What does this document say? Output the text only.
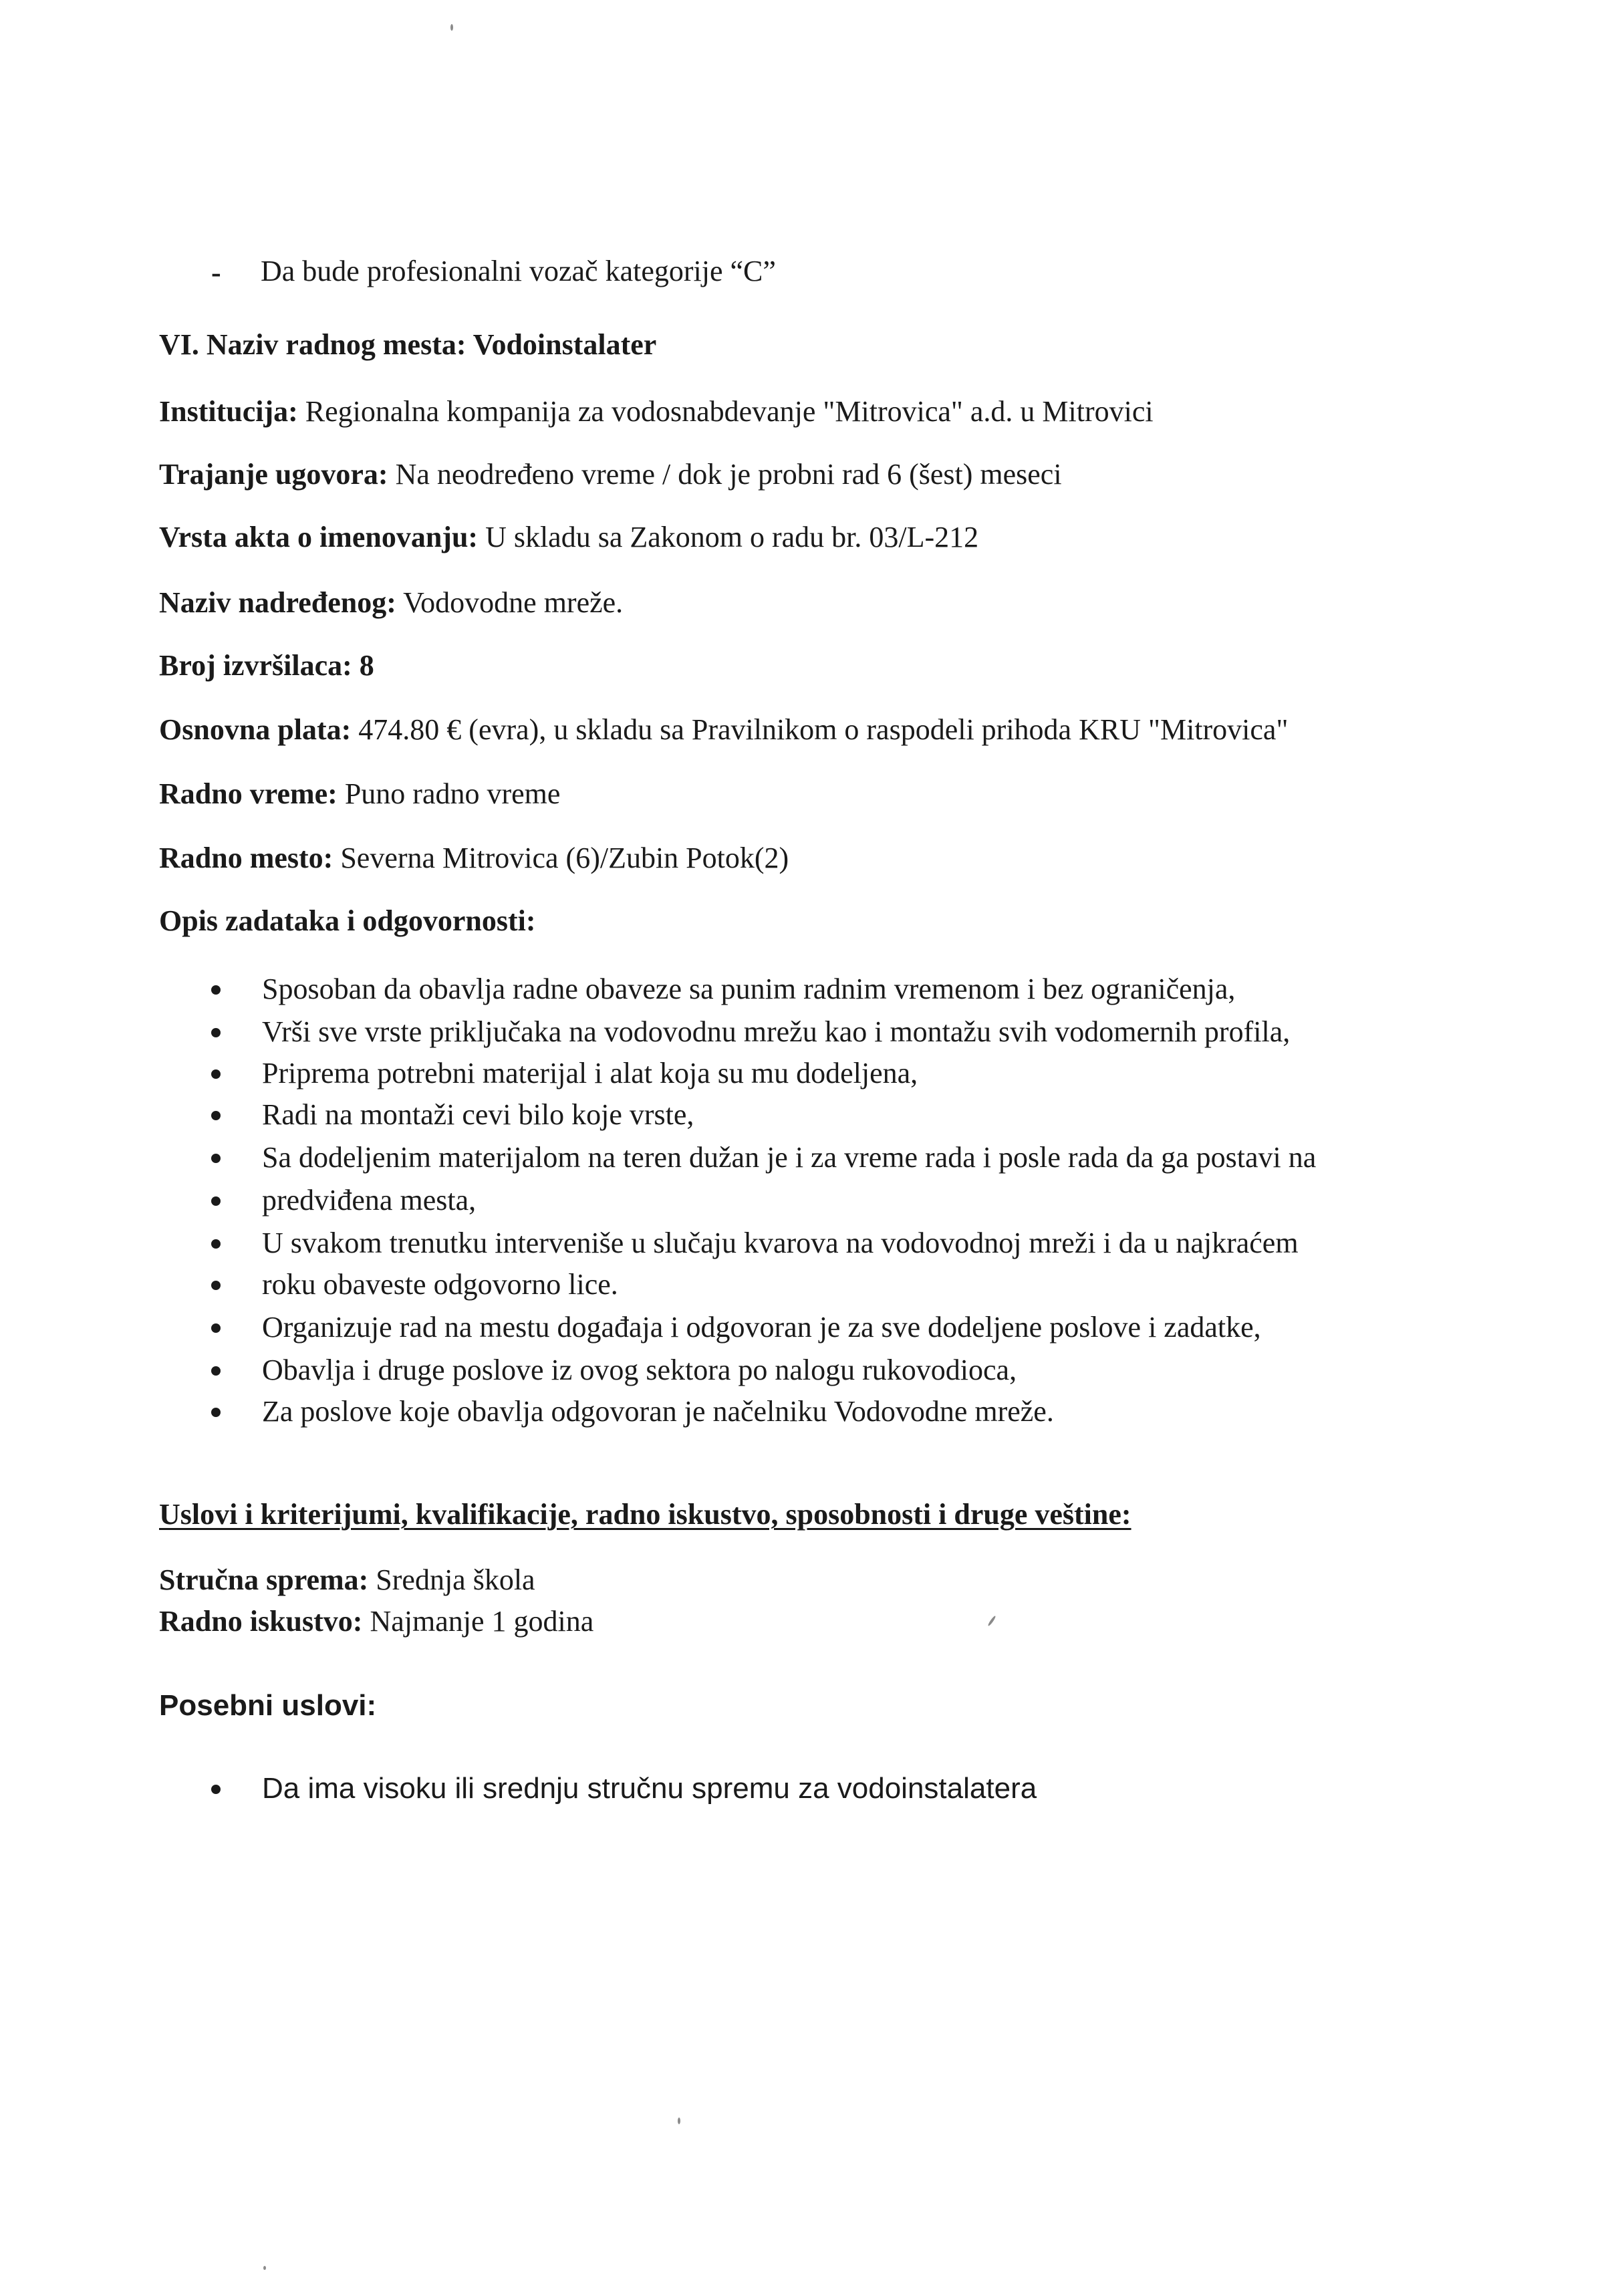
- Da bude profesionalni vozač kategorije “C”
VI. Naziv radnog mesta: Vodoinstalater
Institucija: Regionalna kompanija za vodosnabdevanje "Mitrovica" a.d. u Mitrovici
Trajanje ugovora: Na neodređeno vreme / dok je probni rad 6 (šest) meseci
Vrsta akta o imenovanju: U skladu sa Zakonom o radu br. 03/L-212
Naziv nadređenog: Vodovodne mreže.
Broj izvršilaca: 8
Osnovna plata: 474.80 € (evra), u skladu sa Pravilnikom o raspodeli prihoda KRU "Mitrovica"
Radno vreme: Puno radno vreme
Radno mesto: Severna Mitrovica (6)/Zubin Potok(2)
Opis zadataka i odgovornosti:
Sposoban da obavlja radne obaveze sa punim radnim vremenom i bez ograničenja,
Vrši sve vrste priključaka na vodovodnu mrežu kao i montažu svih vodomernih profila,
Priprema potrebni materijal i alat koja su mu dodeljena,
Radi na montaži cevi bilo koje vrste,
Sa dodeljenim materijalom na teren dužan je i za vreme rada i posle rada da ga postavi na
predviđena mesta,
U svakom trenutku interveniše u slučaju kvarova na vodovodnoj mreži i da u najkraćem
roku obaveste odgovorno lice.
Organizuje rad na mestu događaja i odgovoran je za sve dodeljene poslove i zadatke,
Obavlja i druge poslove iz ovog sektora po nalogu rukovodioca,
Za poslove koje obavlja odgovoran je načelniku Vodovodne mreže.
Uslovi i kriterijumi, kvalifikacije, radno iskustvo, sposobnosti i druge veštine:
Stručna sprema: Srednja škola
Radno iskustvo: Najmanje 1 godina
Posebni uslovi:
Da ima visoku ili srednju stručnu spremu za vodoinstalatera
